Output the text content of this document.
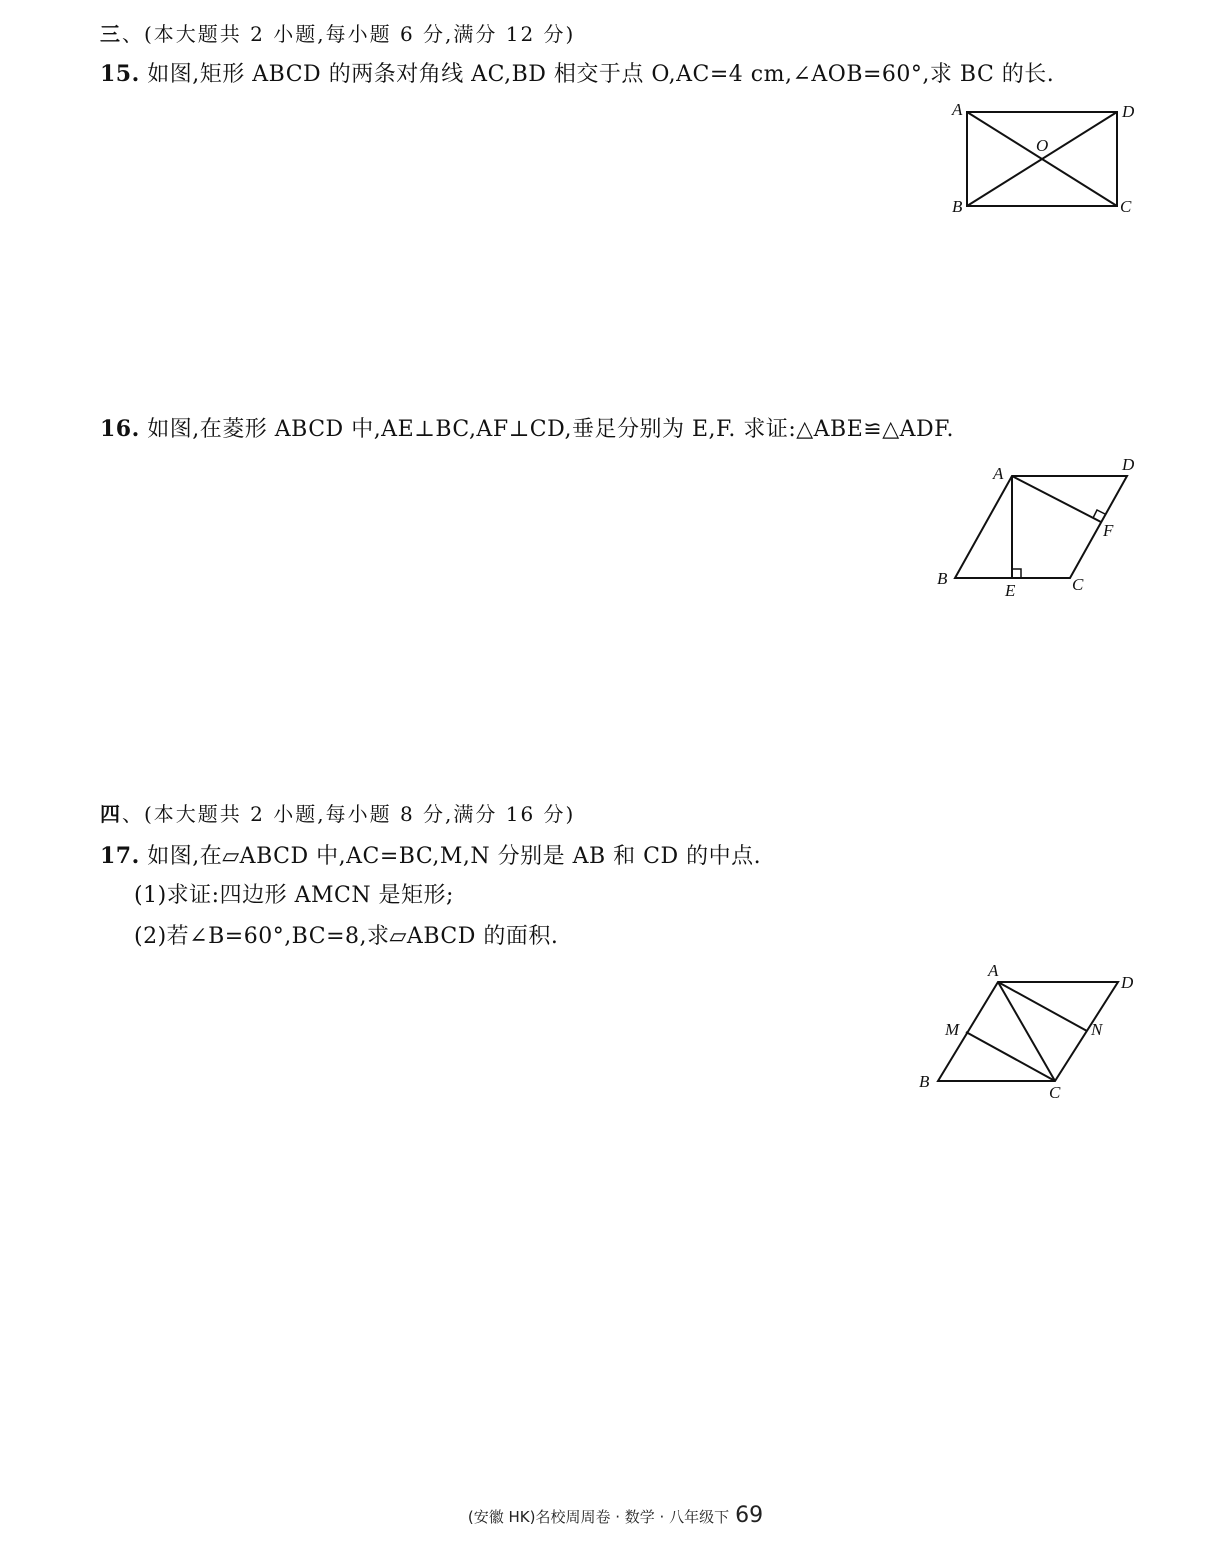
三、(本大题共 2 小题,每小题 6 分,满分 12 分)
15. 如图,矩形 ABCD 的两条对角线 AC,BD 相交于点 O,AC=4 cm,∠AOB=60°,求 BC 的长.
A	D
O
B	C
16. 如图,在菱形 ABCD 中,AE⊥BC,AF⊥CD,垂足分别为 E,F. 求证:△ABE≌△ADF.
A	D
F
B
E	C
四、(本大题共 2 小题,每小题 8 分,满分 16 分)
17. 如图,在▱ABCD 中,AC=BC,M,N 分别是 AB 和 CD 的中点.
(1)求证:四边形 AMCN 是矩形;
(2)若∠B=60°,BC=8,求▱ABCD 的面积.
A
D
M	N
B
C
(安徽 HK)名校周周卷 · 数学 · 八年级下 69
